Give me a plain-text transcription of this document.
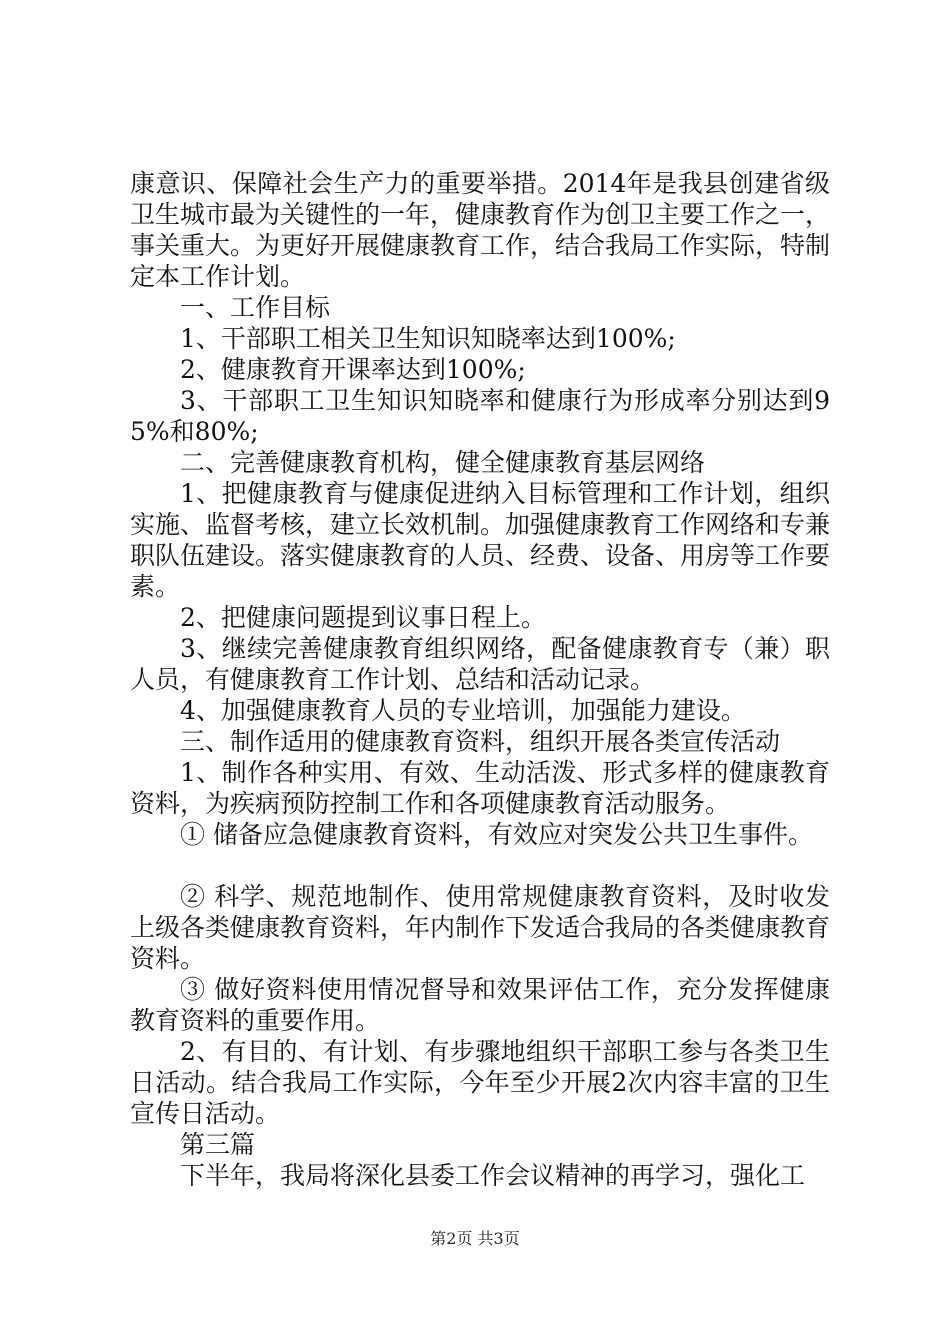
康意识、保障社会生产力的重要举措。2014年是我县创建省级卫生城市最为关键性的一年，健康教育作为创卫主要工作之一，事关重大。为更好开展健康教育工作，结合我局工作实际，特制定本工作计划。

一、工作目标

1、干部职工相关卫生知识知晓率达到100%;

2、健康教育开课率达到100%;

3、干部职工卫生知识知晓率和健康行为形成率分别达到95%和80%;

二、完善健康教育机构，健全健康教育基层网络

1、把健康教育与健康促进纳入目标管理和工作计划，组织实施、监督考核，建立长效机制。加强健康教育工作网络和专兼职队伍建设。落实健康教育的人员、经费、设备、用房等工作要素。

2、把健康问题提到议事日程上。

3、继续完善健康教育组织网络，配备健康教育专（兼）职人员，有健康教育工作计划、总结和活动记录。

4、加强健康教育人员的专业培训，加强能力建设。

三、制作适用的健康教育资料，组织开展各类宣传活动

1、制作各种实用、有效、生动活泼、形式多样的健康教育资料，为疾病预防控制工作和各项健康教育活动服务。

① 储备应急健康教育资料，有效应对突发公共卫生事件。

② 科学、规范地制作、使用常规健康教育资料，及时收发上级各类健康教育资料，年内制作下发适合我局的各类健康教育资料。

③ 做好资料使用情况督导和效果评估工作，充分发挥健康教育资料的重要作用。

2、有目的、有计划、有步骤地组织干部职工参与各类卫生日活动。结合我局工作实际，今年至少开展2次内容丰富的卫生宣传日活动。

第三篇

下半年，我局将深化县委工作会议精神的再学习，强化工

第2页 共3页
